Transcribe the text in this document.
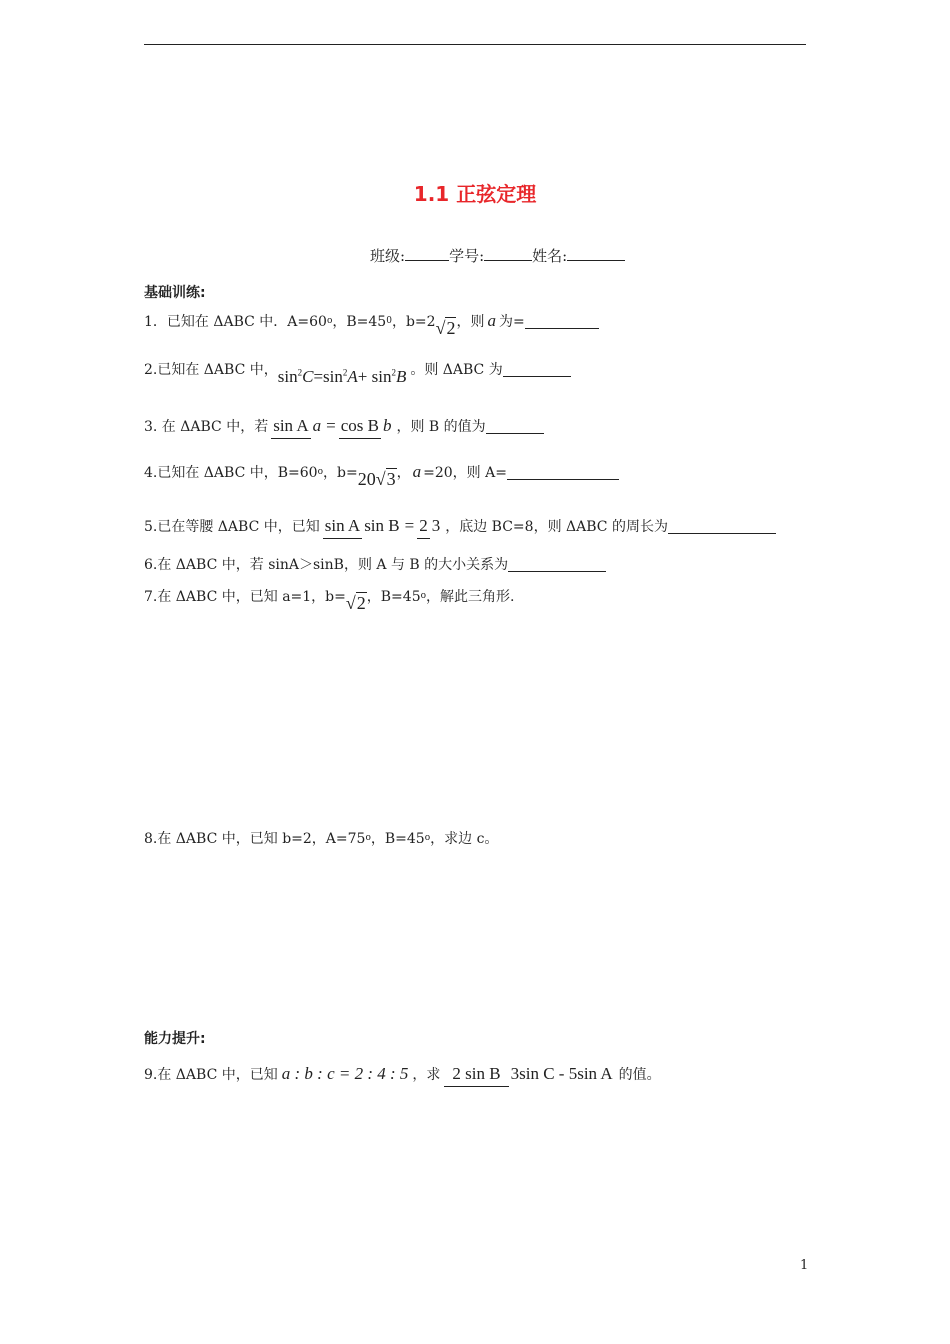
1.1 正弦定理
班级:	学号:	姓名:
基础训练:
1．已知在 ΔABC 中．A=60 o ，B=45 0 ，b=2 √2 ，则 a 为=
2.已知在 ΔABC 中， $\sin^2C=\sin^2A+ \sin^2B$ 。则 ΔABC 为
3. 在 ΔABC 中，若 sin A a = cos B b ，则 B 的值为
4.已知在 ΔABC 中，B=60 o ，b= 20√3 ， a =20，则 A=
5.已在等腰 ΔABC 中，已知 sin A sin B = 2 3 ，底边 BC=8，则 ΔABC 的周长为
6.在 ΔABC 中，若 sinA＞sinB，则 A 与 B 的大小关系为
7.在 ΔABC 中，已知 a=1，b= √2 ，B=45 o ，解此三角形.
8.在 ΔABC 中，已知 b=2，A=75 o ，B=45 o ，求边 c。
能力提升:
9.在 ΔABC 中，已知 a : b : c = 2 : 4 : 5 ，求 2 sin B 3sin C - 5sin A 的值。
1
